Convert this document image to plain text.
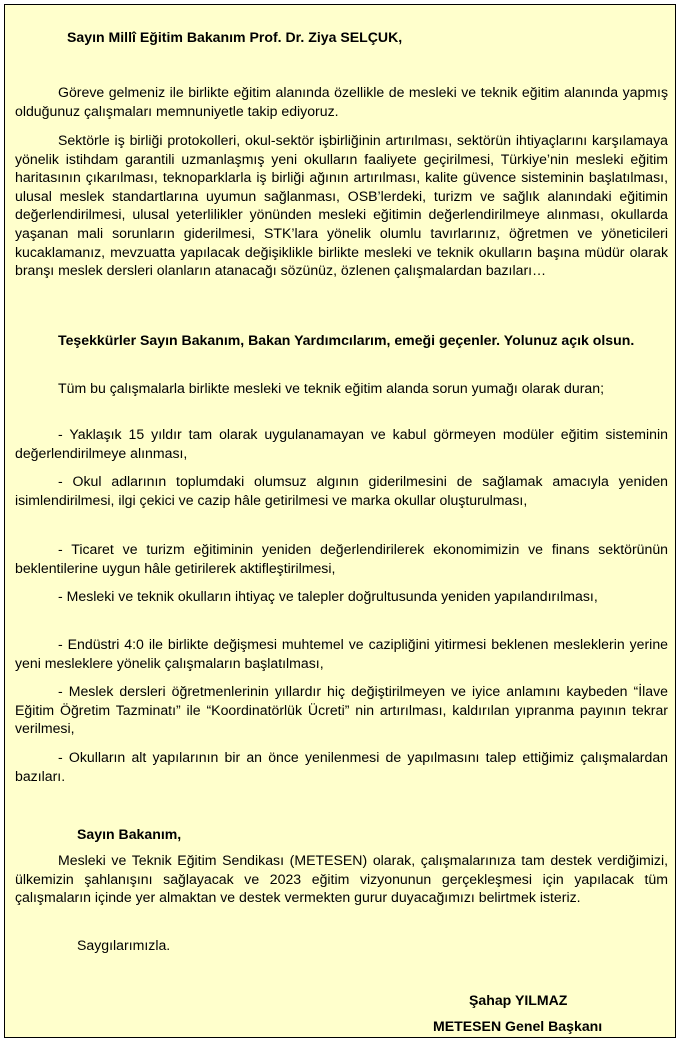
Sayın Millî Eğitim Bakanım Prof. Dr. Ziya SELÇUK,

Göreve gelmeniz ile birlikte eğitim alanında özellikle de mesleki ve teknik eğitim alanında yapmış olduğunuz çalışmaları memnuniyetle takip ediyoruz.

Sektörle iş birliği protokolleri, okul-sektör işbirliğinin artırılması, sektörün ihtiyaçlarını karşılamaya yönelik istihdam garantili uzmanlaşmış yeni okulların faaliyete geçirilmesi, Türkiye’nin mesleki eğitim haritasının çıkarılması, teknoparklarla iş birliği ağının artırılması, kalite güvence sisteminin başlatılması, ulusal meslek standartlarına uyumun sağlanması, OSB’lerdeki, turizm ve sağlık alanındaki eğitimin değerlendirilmesi, ulusal yeterlilikler yönünden mesleki eğitimin değerlendirilmeye alınması, okullarda yaşanan mali sorunların giderilmesi, STK’lara yönelik olumlu tavırlarınız, öğretmen ve yöneticileri kucaklamanız, mevzuatta yapılacak değişiklikle birlikte mesleki ve teknik okulların başına müdür olarak branşı meslek dersleri olanların atanacağı sözünüz, özlenen çalışmalardan bazıları…

Teşekkürler Sayın Bakanım, Bakan Yardımcılarım, emeği geçenler. Yolunuz açık olsun.

Tüm bu çalışmalarla birlikte mesleki ve teknik eğitim alanda sorun yumağı olarak duran;

- Yaklaşık 15 yıldır tam olarak uygulanamayan ve kabul görmeyen modüler eğitim sisteminin değerlendirilmeye alınması,

- Okul adlarının toplumdaki olumsuz algının giderilmesini de sağlamak amacıyla yeniden isimlendirilmesi, ilgi çekici ve cazip hâle getirilmesi ve marka okullar oluşturulması,

- Ticaret ve turizm eğitiminin yeniden değerlendirilerek ekonomimizin ve finans sektörünün beklentilerine uygun hâle getirilerek aktifleştirilmesi,

- Mesleki ve teknik okulların ihtiyaç ve talepler doğrultusunda yeniden yapılandırılması,

- Endüstri 4:0 ile birlikte değişmesi muhtemel ve cazipliğini yitirmesi beklenen mesleklerin yerine yeni mesleklere yönelik çalışmaların başlatılması,

- Meslek dersleri öğretmenlerinin yıllardır hiç değiştirilmeyen ve iyice anlamını kaybeden “İlave Eğitim Öğretim Tazminatı” ile “Koordinatörlük Ücreti” nin artırılması, kaldırılan yıpranma payının tekrar verilmesi,

- Okulların alt yapılarının bir an önce yenilenmesi de yapılmasını talep ettiğimiz çalışmalardan bazıları.

Sayın Bakanım,

Mesleki ve Teknik Eğitim Sendikası (METESEN) olarak, çalışmalarınıza tam destek verdiğimizi, ülkemizin şahlanışını sağlayacak ve 2023 eğitim vizyonunun gerçekleşmesi için yapılacak tüm çalışmaların içinde yer almaktan ve destek vermekten gurur duyacağımızı belirtmek isteriz.

Saygılarımızla.
Şahap YILMAZ
METESEN Genel Başkanı
